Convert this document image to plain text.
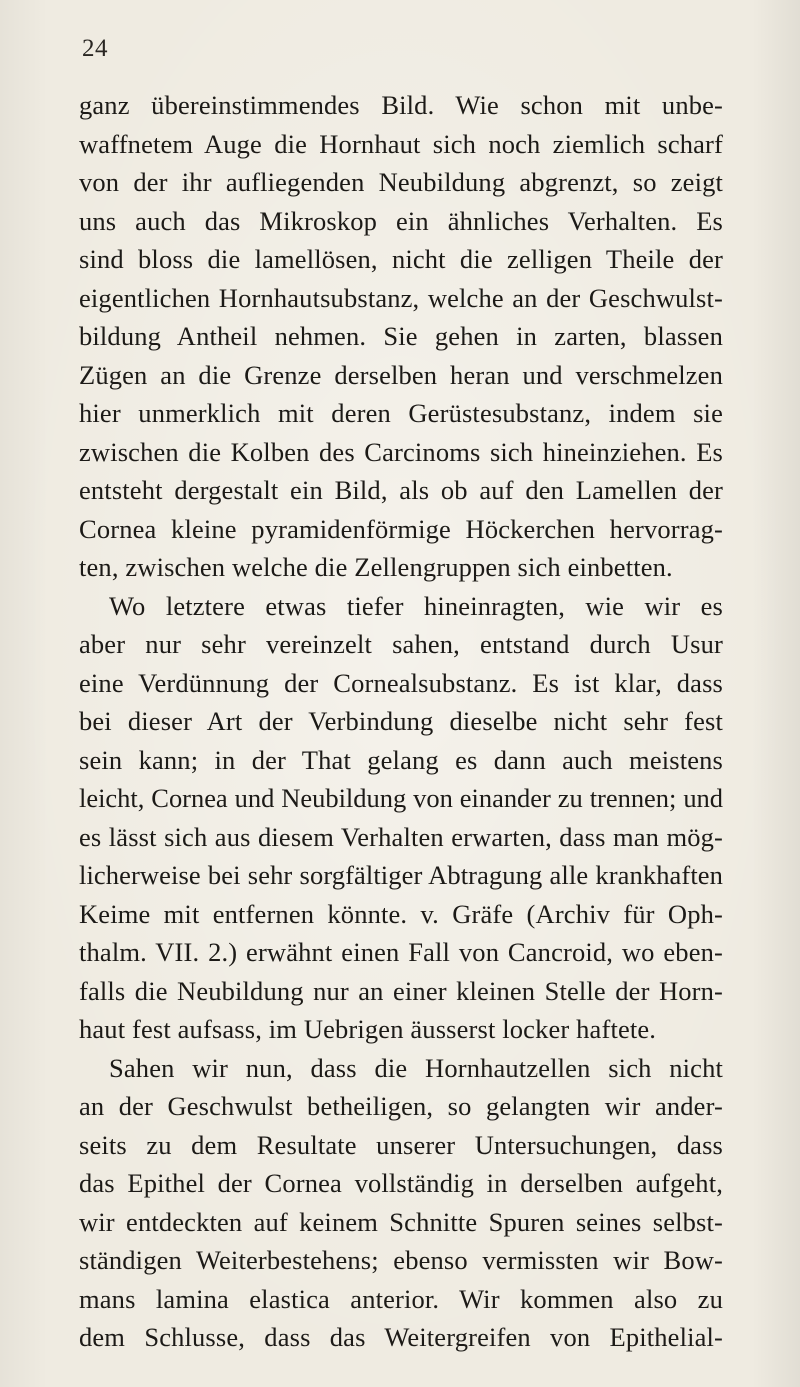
24
ganz übereinstimmendes Bild. Wie schon mit unbe-
waffnetem Auge die Hornhaut sich noch ziemlich scharf
von der ihr aufliegenden Neubildung abgrenzt, so zeigt
uns auch das Mikroskop ein ähnliches Verhalten. Es
sind bloss die lamellösen, nicht die zelligen Theile der
eigentlichen Hornhautsubstanz, welche an der Geschwulst-
bildung Antheil nehmen. Sie gehen in zarten, blassen
Zügen an die Grenze derselben heran und verschmelzen
hier unmerklich mit deren Gerüstesubstanz, indem sie
zwischen die Kolben des Carcinoms sich hineinziehen. Es
entsteht dergestalt ein Bild, als ob auf den Lamellen der
Cornea kleine pyramidenförmige Höckerchen hervorrag-
ten, zwischen welche die Zellengruppen sich einbetten.
Wo letztere etwas tiefer hineinragten, wie wir es
aber nur sehr vereinzelt sahen, entstand durch Usur
eine Verdünnung der Cornealsubstanz. Es ist klar, dass
bei dieser Art der Verbindung dieselbe nicht sehr fest
sein kann; in der That gelang es dann auch meistens
leicht, Cornea und Neubildung von einander zu trennen; und
es lässt sich aus diesem Verhalten erwarten, dass man mög-
licherweise bei sehr sorgfältiger Abtragung alle krankhaften
Keime mit entfernen könnte. v. Gräfe (Archiv für Oph-
thalm. VII. 2.) erwähnt einen Fall von Cancroid, wo eben-
falls die Neubildung nur an einer kleinen Stelle der Horn-
haut fest aufsass, im Uebrigen äusserst locker haftete.
Sahen wir nun, dass die Hornhautzellen sich nicht
an der Geschwulst betheiligen, so gelangten wir ander-
seits zu dem Resultate unserer Untersuchungen, dass
das Epithel der Cornea vollständig in derselben aufgeht,
wir entdeckten auf keinem Schnitte Spuren seines selbst-
ständigen Weiterbestehens; ebenso vermissten wir Bow-
mans lamina elastica anterior. Wir kommen also zu
dem Schlusse, dass das Weitergreifen von Epithelial-
